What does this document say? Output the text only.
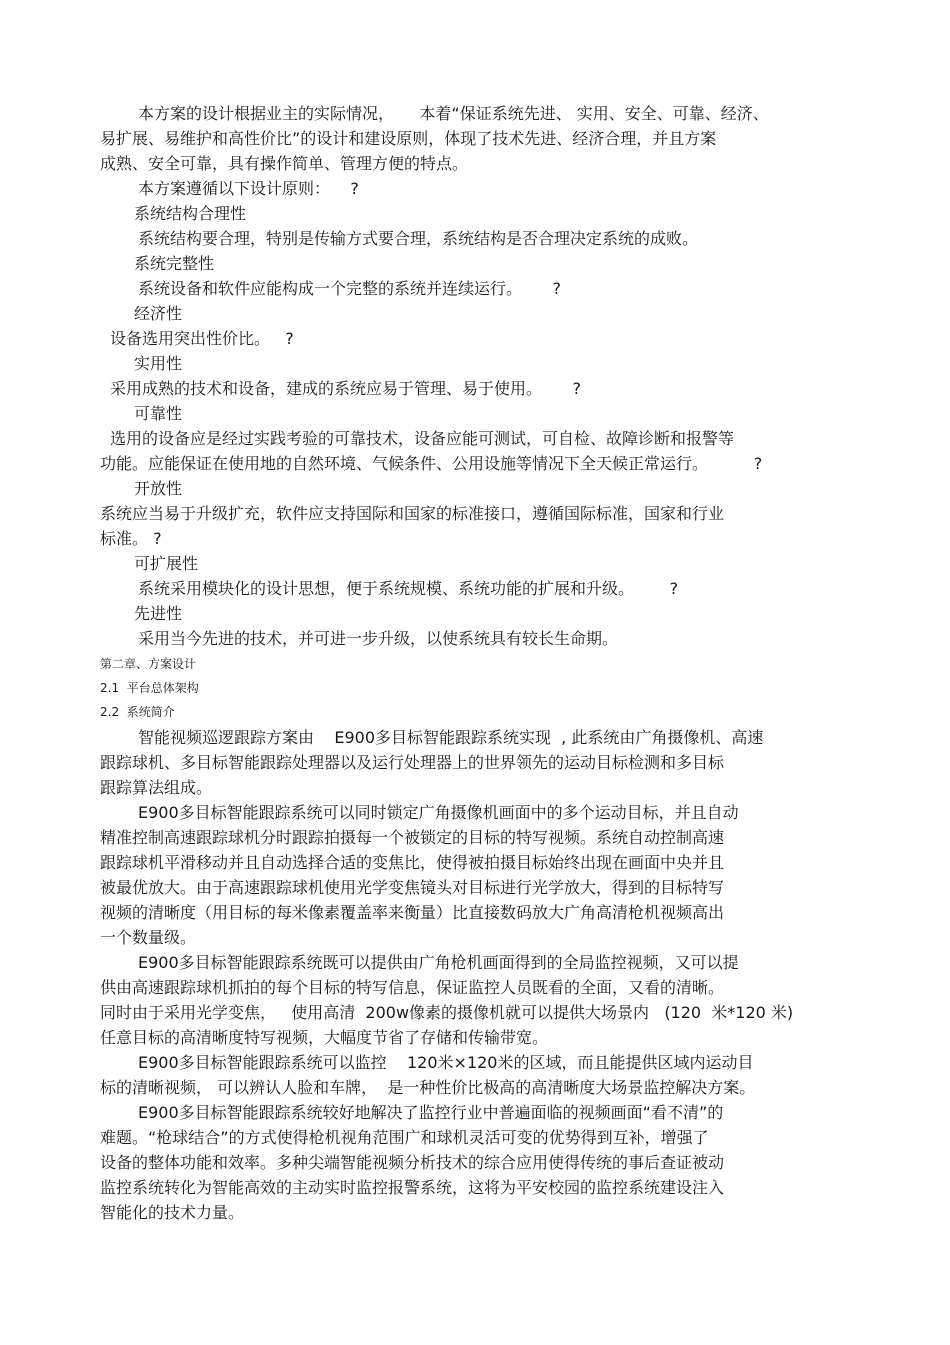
本方案的设计根据业主的实际情况，     本着“保证系统先进、 实用、安全、可靠、经济、
易扩展、易维护和高性价比”的设计和建设原则，体现了技术先进、经济合理，并且方案
成熟、安全可靠，具有操作简单、管理方便的特点。
本方案遵循以下设计原则：    ?
系统结构合理性
系统结构要合理，特别是传输方式要合理，系统结构是否合理决定系统的成败。
系统完整性
系统设备和软件应能构成一个完整的系统并连续运行。      ?
经济性
设备选用突出性价比。   ?
实用性
采用成熟的技术和设备，建成的系统应易于管理、易于使用。      ?
可靠性
选用的设备应是经过实践考验的可靠技术，设备应能可测试，可自检、故障诊断和报警等
功能。应能保证在使用地的自然环境、气候条件、公用设施等情况下全天候正常运行。         ?
开放性
系统应当易于升级扩充，软件应支持国际和国家的标准接口，遵循国际标准，国家和行业
标准。 ?
可扩展性
系统采用模块化的设计思想，便于系统规模、系统功能的扩展和升级。       ?
先进性
采用当今先进的技术，并可进一步升级，以使系统具有较长生命期。
第二章、方案设计
2.1  平台总体架构
2.2  系统简介
智能视频巡逻跟踪方案由    E900多目标智能跟踪系统实现  , 此系统由广角摄像机、高速
跟踪球机、多目标智能跟踪处理器以及运行处理器上的世界领先的运动目标检测和多目标
跟踪算法组成。
E900多目标智能跟踪系统可以同时锁定广角摄像机画面中的多个运动目标，并且自动
精准控制高速跟踪球机分时跟踪拍摄每一个被锁定的目标的特写视频。系统自动控制高速
跟踪球机平滑移动并且自动选择合适的变焦比，使得被拍摄目标始终出现在画面中央并且
被最优放大。由于高速跟踪球机使用光学变焦镜头对目标进行光学放大，得到的目标特写
视频的清晰度（用目标的每米像素覆盖率来衡量）比直接数码放大广角高清枪机视频高出
一个数量级。
E900多目标智能跟踪系统既可以提供由广角枪机画面得到的全局监控视频，又可以提
供由高速跟踪球机抓拍的每个目标的特写信息，保证监控人员既看的全面，又看的清晰。
同时由于采用光学变焦，   使用高清  200w像素的摄像机就可以提供大场景内   (120  米*120 米)
任意目标的高清晰度特写视频，大幅度节省了存储和传输带宽。
E900多目标智能跟踪系统可以监控    120米×120米的区域，而且能提供区域内运动目
标的清晰视频， 可以辨认人脸和车牌，  是一种性价比极高的高清晰度大场景监控解决方案。
E900多目标智能跟踪系统较好地解决了监控行业中普遍面临的视频画面“看不清”的
难题。“枪球结合”的方式使得枪机视角范围广和球机灵活可变的优势得到互补，增强了
设备的整体功能和效率。多种尖端智能视频分析技术的综合应用使得传统的事后查证被动
监控系统转化为智能高效的主动实时监控报警系统，这将为平安校园的监控系统建设注入
智能化的技术力量。
